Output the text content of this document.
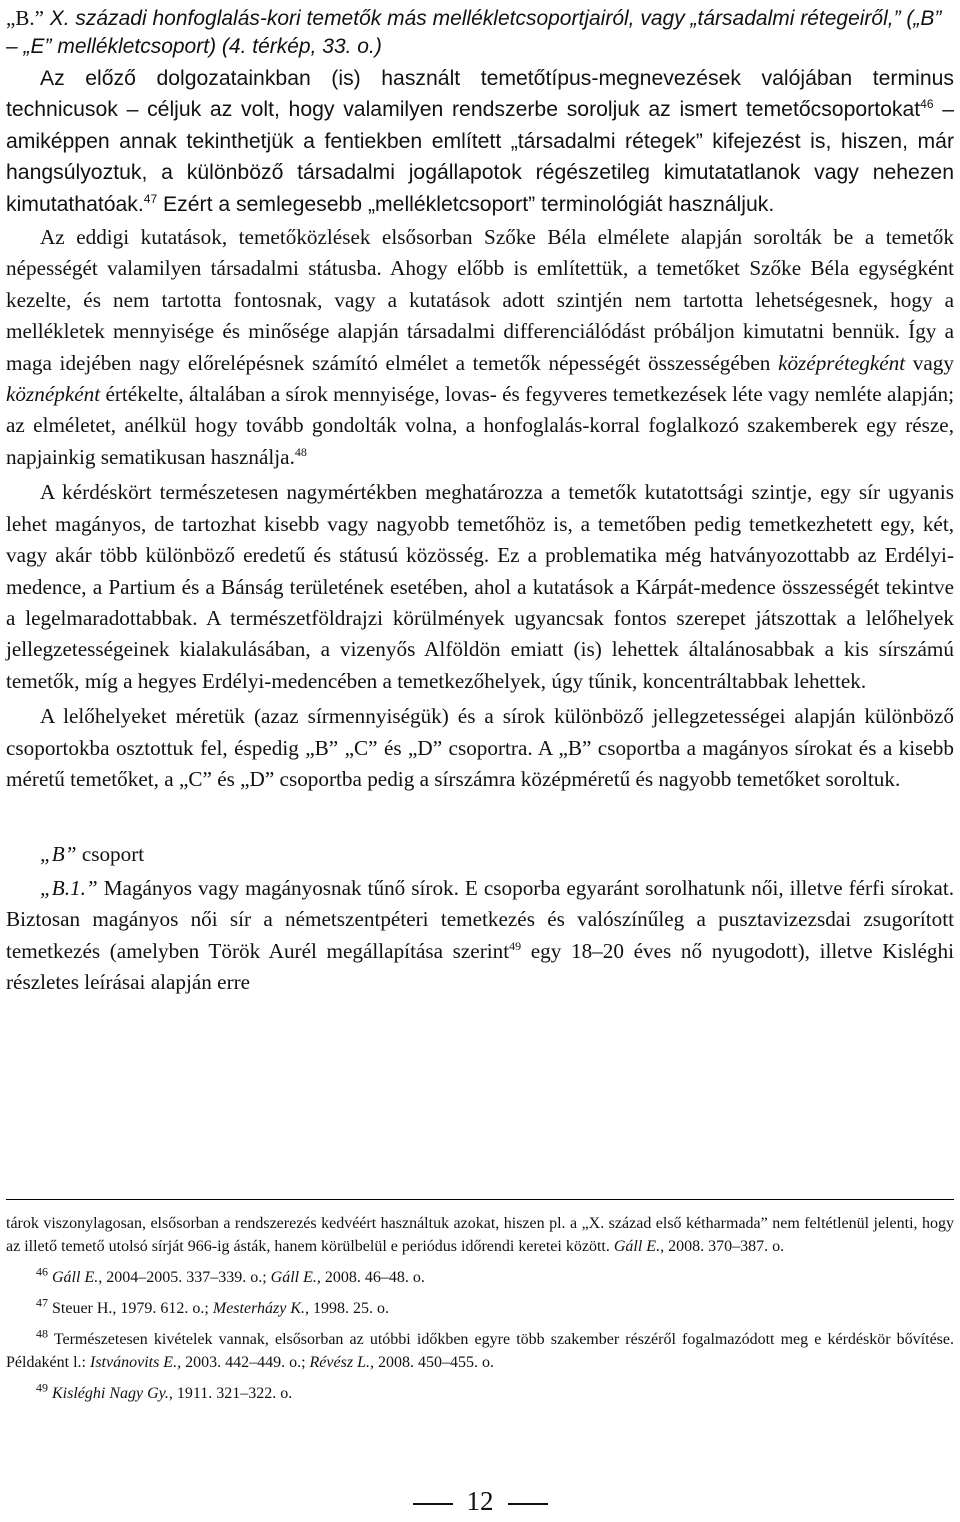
„B.” X. századi honfoglalás-kori temetők más mellékletcsoportjairól, vagy „társadalmi rétegeiről,” („B” – „E” mellékletcsoport) (4. térkép, 33. o.)

Az előző dolgozatainkban (is) használt temetőtípus-megnevezések valójában terminus technicusok – céljuk az volt, hogy valamilyen rendszerbe soroljuk az ismert temetőcsoportokat$^{46}$ – amiképpen annak tekinthetjük a fentiekben említett „társadalmi rétegek” kifejezést is, hiszen, már hangsúlyoztuk, a különböző társadalmi jogállapotok régészetileg kimutatatlanok vagy nehezen kimutathatóak.$^{47}$ Ezért a semlegesebb „mellékletcsoport” terminológiát használjuk.

Az eddigi kutatások, temetőközlések elsősorban Szőke Béla elmélete alapján sorolták be a temetők népességét valamilyen társadalmi státusba. Ahogy előbb is említettük, a temetőket Szőke Béla egységként kezelte, és nem tartotta fontosnak, vagy a kutatások adott szintjén nem tartotta lehetségesnek, hogy a mellékletek mennyisége és minősége alapján társadalmi differenciálódást próbáljon kimutatni bennük. Így a maga idejében nagy előrelépésnek számító elmélet a temetők népességét összességében középrétegként vagy köznépként értékelte, általában a sírok mennyisége, lovas- és fegyveres temetkezések léte vagy nemléte alapján; az elméletet, anélkül hogy tovább gondolták volna, a honfoglalás-korral foglalkozó szakemberek egy része, napjainkig sematikusan használja.$^{48}$

A kérdéskört természetesen nagymértékben meghatározza a temetők kutatottsági szintje, egy sír ugyanis lehet magányos, de tartozhat kisebb vagy nagyobb temetőhöz is, a temetőben pedig temetkezhetett egy, két, vagy akár több különböző eredetű és státusú közösség. Ez a problematika még hatványozottabb az Erdélyi-medence, a Partium és a Bánság területének esetében, ahol a kutatások a Kárpát-medence összességét tekintve a legelmaradottabbak. A természetföldrajzi körülmények ugyancsak fontos szerepet játszottak a lelőhelyek jellegzetességeinek kialakulásában, a vizenyős Alföldön emiatt (is) lehettek általánosabbak a kis sírszámú temetők, míg a hegyes Erdélyi-medencében a temetkezőhelyek, úgy tűnik, koncentráltabbak lehettek.

A lelőhelyeket méretük (azaz sírmennyiségük) és a sírok különböző jellegzetességei alapján különböző csoportokba osztottuk fel, éspedig „B” „C” és „D” csoportra. A „B” csoportba a magányos sírokat és a kisebb méretű temetőket, a „C” és „D” csoportba pedig a sírszámra középméretű és nagyobb temetőket soroltuk.

„B” csoport

„B.1.” Magányos vagy magányosnak tűnő sírok. E csoporba egyaránt sorolhatunk női, illetve férfi sírokat. Biztosan magányos női sír a németszentpéteri temetkezés és valószínűleg a pusztavizezsdai zsugorított temetkezés (amelyben Török Aurél megállapítása szerint$^{49}$ egy 18–20 éves nő nyugodott), illetve Kisléghi részletes leírásai alapján erre

tárok viszonylagosan, elsősorban a rendszerezés kedvéért használtuk azokat, hiszen pl. a „X. század első kétharmada” nem feltétlenül jelenti, hogy az illető temető utolsó sírját 966-ig ásták, hanem körülbelül e periódus időrendi keretei között. Gáll E., 2008. 370–387. o.

$^{46}$ Gáll E., 2004–2005. 337–339. o.; Gáll E., 2008. 46–48. o.

$^{47}$ Steuer H., 1979. 612. o.; Mesterházy K., 1998. 25. o.

$^{48}$ Természetesen kivételek vannak, elsősorban az utóbbi időkben egyre több szakember részéről fogalmazódott meg e kérdéskör bővítése. Példaként l.: Istvánovits E., 2003. 442–449. o.; Révész L., 2008. 450–455. o.

$^{49}$ Kisléghi Nagy Gy., 1911. 321–322. o.

12
